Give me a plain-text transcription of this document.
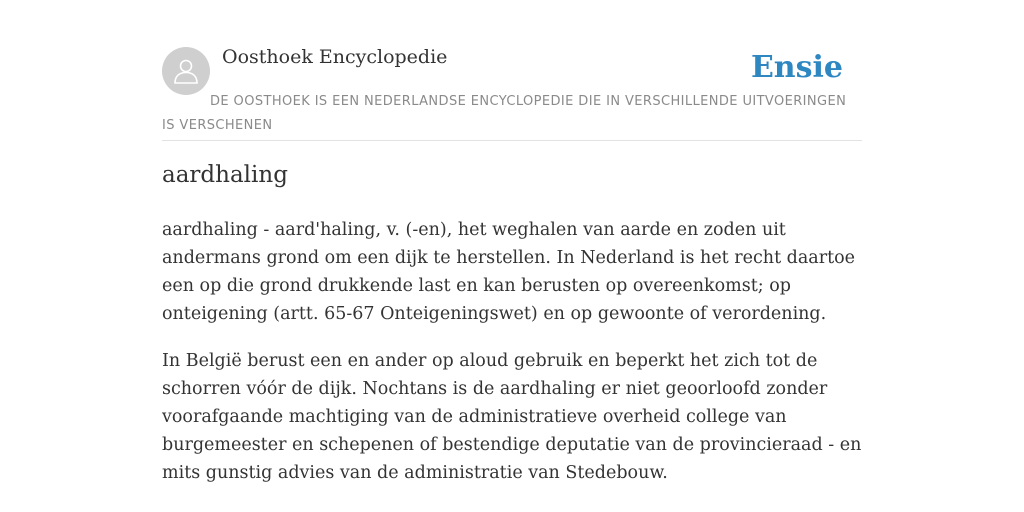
Oosthoek Encyclopedie	Ensie
DE OOSTHOEK IS EEN NEDERLANDSE ENCYCLOPEDIE DIE IN VERSCHILLENDE UITVOERINGEN IS VERSCHENEN
aardhaling

aardhaling - aard'haling, v. (-en), het weghalen van aarde en zoden uit andermans grond om een dijk te herstellen. In Nederland is het recht daartoe een op die grond drukkende last en kan berusten op overeenkomst; op onteigening (artt. 65-67 Onteigeningswet) en op gewoonte of verordening.

In België berust een en ander op aloud gebruik en beperkt het zich tot de schorren vóór de dijk. Nochtans is de aardhaling er niet geoorloofd zonder voorafgaande machtiging van de administratieve overheid college van burgemeester en schepenen of bestendige deputatie van de provincieraad - en mits gunstig advies van de administratie van Stedebouw.
